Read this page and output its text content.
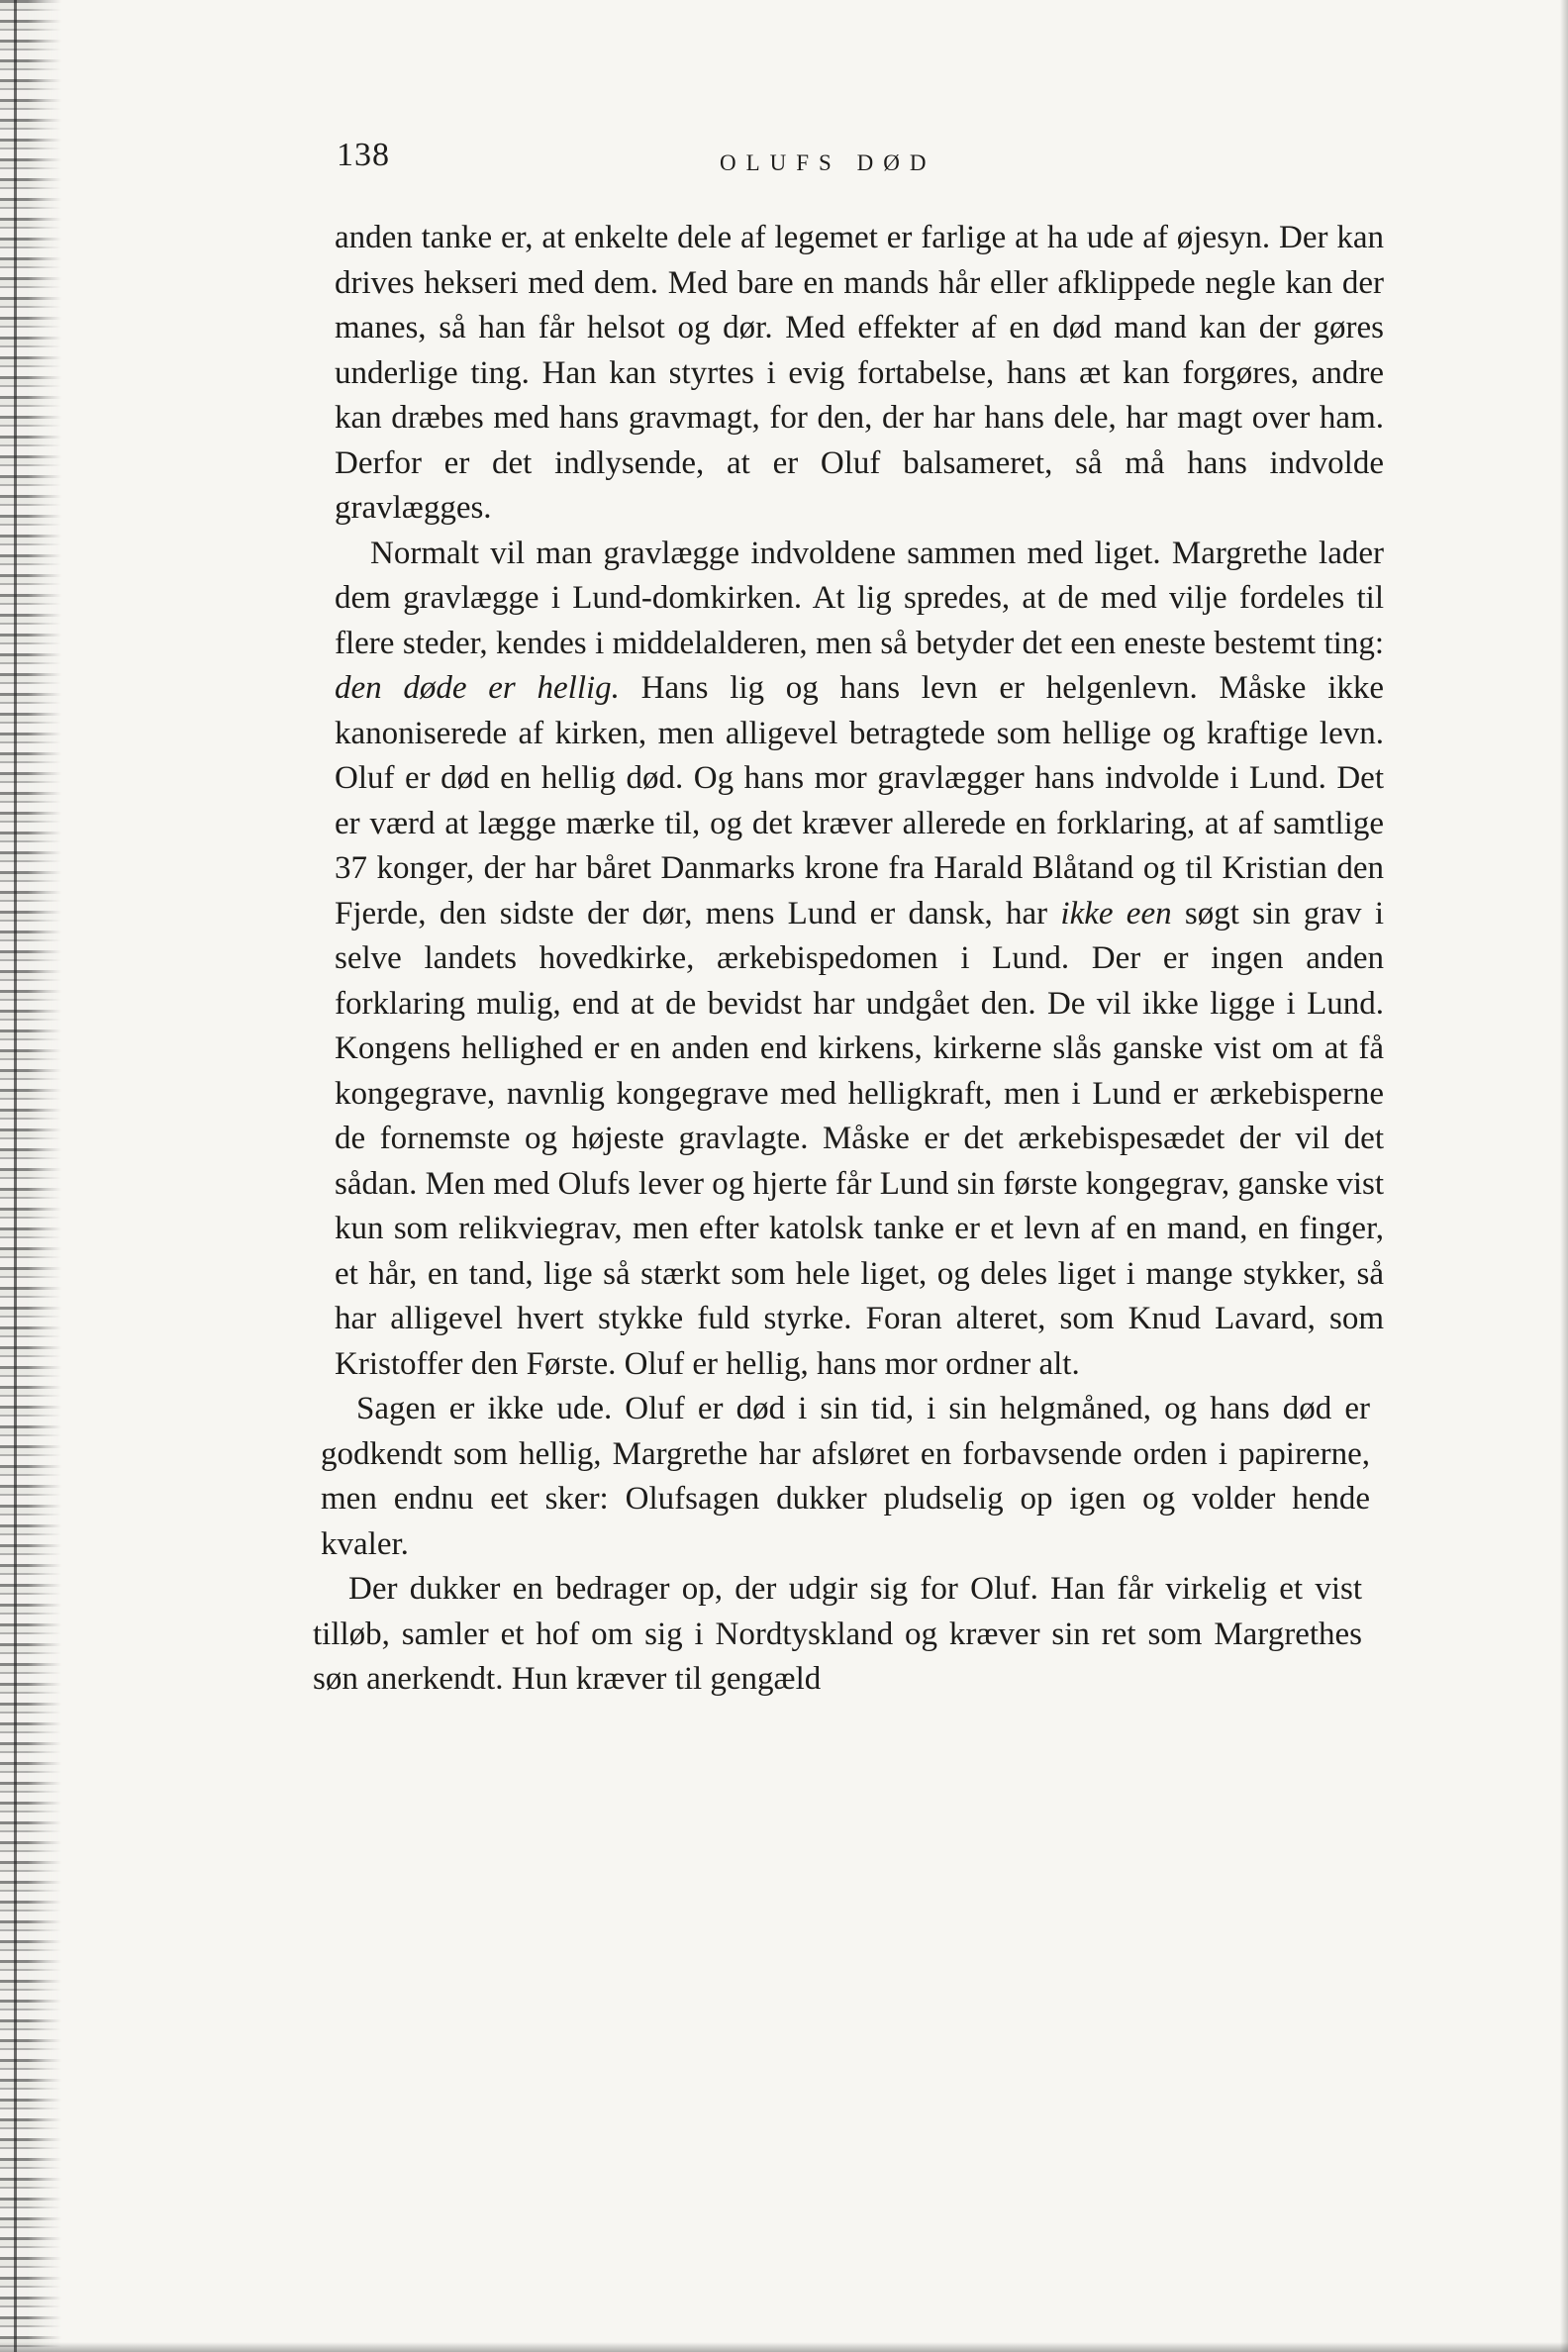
138	OLUFS DØD

anden tanke er, at enkelte dele af legemet er farlige at ha ude af øjesyn. Der kan drives hekseri med dem. Med bare en mands hår eller afklippede negle kan der manes, så han får helsot og dør. Med effekter af en død mand kan der gøres underlige ting. Han kan styrtes i evig fortabelse, hans æt kan forgøres, andre kan dræbes med hans gravmagt, for den, der har hans dele, har magt over ham. Derfor er det indlysende, at er Oluf balsameret, så må hans indvolde gravlægges.

Normalt vil man gravlægge indvoldene sammen med liget. Margrethe lader dem gravlægge i Lund-domkirken. At lig spredes, at de med vilje fordeles til flere steder, kendes i middelalderen, men så betyder det een eneste bestemt ting: den døde er hellig. Hans lig og hans levn er helgenlevn. Måske ikke kanoniserede af kirken, men alligevel betragtede som hellige og kraftige levn. Oluf er død en hellig død. Og hans mor gravlægger hans indvolde i Lund. Det er værd at lægge mærke til, og det kræver allerede en forklaring, at af samtlige 37 konger, der har båret Danmarks krone fra Harald Blåtand og til Kristian den Fjerde, den sidste der dør, mens Lund er dansk, har ikke een søgt sin grav i selve landets hovedkirke, ærkebispedomen i Lund. Der er ingen anden forklaring mulig, end at de bevidst har undgået den. De vil ikke ligge i Lund. Kongens hellighed er en anden end kirkens, kirkerne slås ganske vist om at få kongegrave, navnlig kongegrave med helligkraft, men i Lund er ærkebisperne de fornemste og højeste gravlagte. Måske er det ærkebispesædet der vil det sådan. Men med Olufs lever og hjerte får Lund sin første kongegrav, ganske vist kun som relikviegrav, men efter katolsk tanke er et levn af en mand, en finger, et hår, en tand, lige så stærkt som hele liget, og deles liget i mange stykker, så har alligevel hvert stykke fuld styrke. Foran alteret, som Knud Lavard, som Kristoffer den Første. Oluf er hellig, hans mor ordner alt.

Sagen er ikke ude. Oluf er død i sin tid, i sin helgmåned, og hans død er godkendt som hellig, Margrethe har afsløret en forbavsende orden i papirerne, men endnu eet sker: Olufsagen dukker pludselig op igen og volder hende kvaler.

Der dukker en bedrager op, der udgir sig for Oluf. Han får virkelig et vist tilløb, samler et hof om sig i Nordtyskland og kræver sin ret som Margrethes søn anerkendt. Hun kræver til gengæld
